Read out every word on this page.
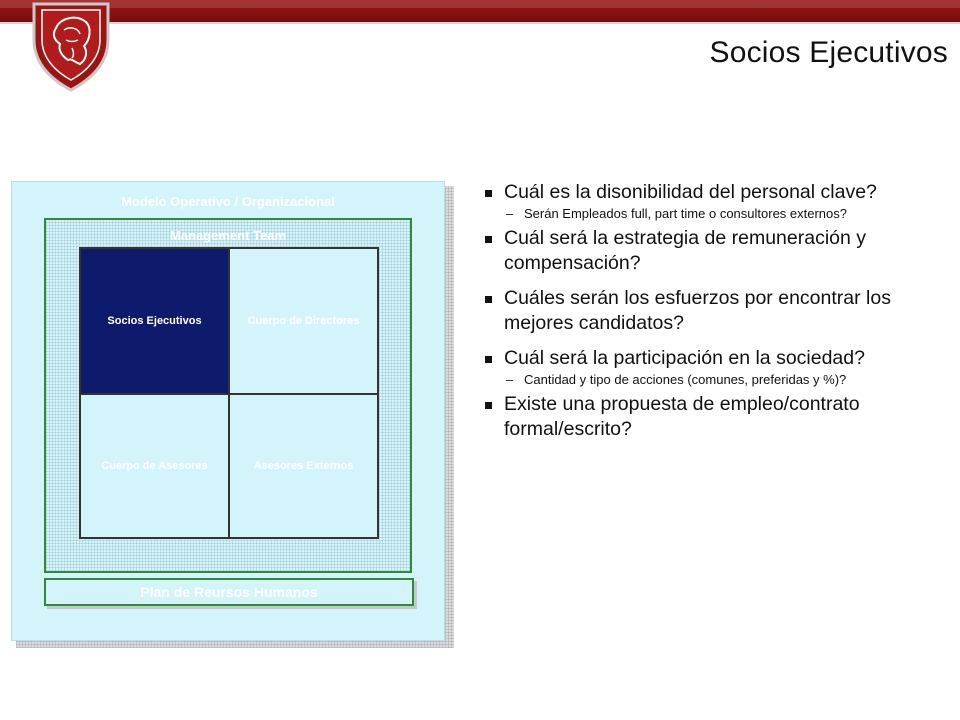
Socios Ejecutivos
Modelo Operativo / Organizacional
Management Team
Socios Ejecutivos	Cuerpo de Directores
Cuerpo de Asesores	Asesores Externos
Plan de Reursos Humanos
Cuál es la disonibilidad del personal clave?
– Serán Empleados full, part time o consultores externos?
Cuál será la estrategia de remuneración y compensación?
Cuáles serán los esfuerzos por encontrar los mejores candidatos?
Cuál será la participación en la sociedad?
– Cantidad y tipo de acciones (comunes, preferidas y %)?
Existe una propuesta de empleo/contrato formal/escrito?
